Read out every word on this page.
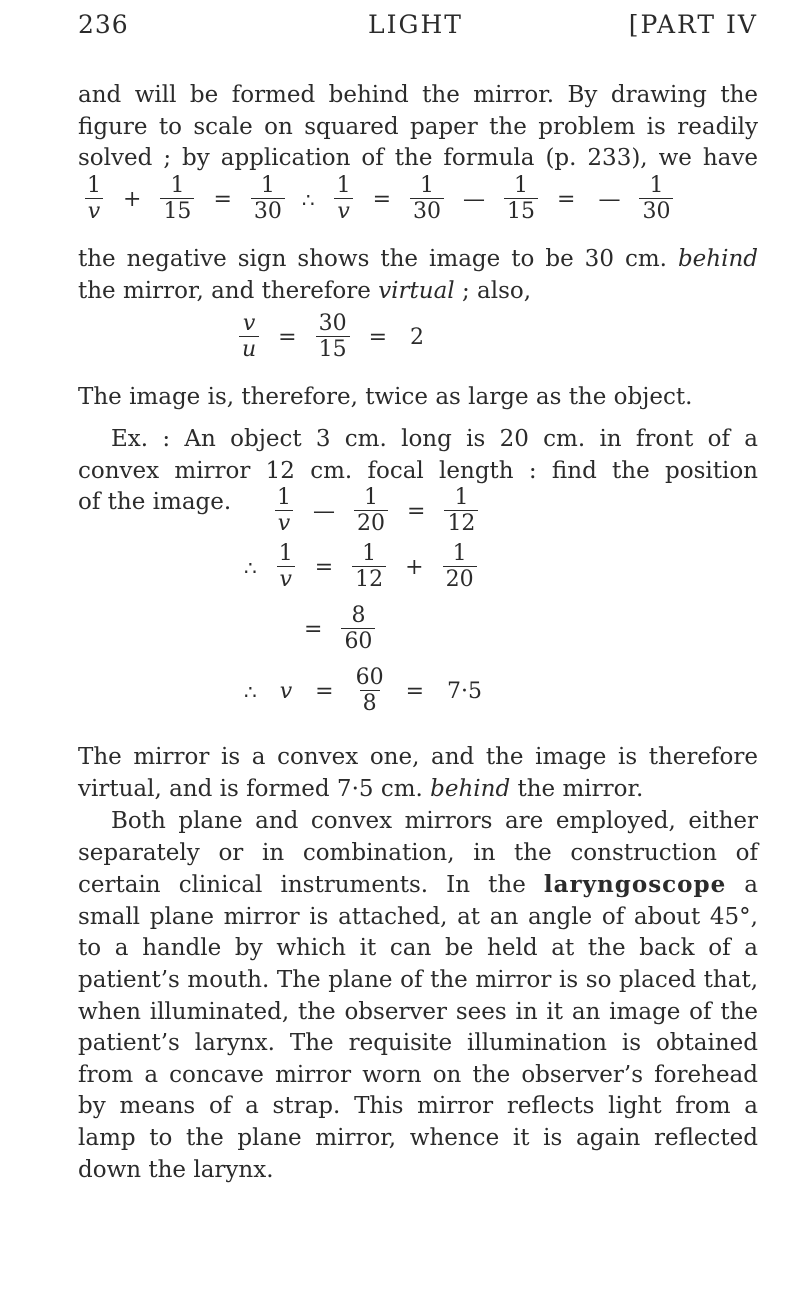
236	LIGHT	[PART IV

and will be formed behind the mirror. By drawing the
figure to scale on squared paper the problem is readily
solved ; by application of the formula (p. 233), we have

$\frac{1}{v} + \frac{1}{15} = \frac{1}{30}$ ∴ $\frac{1}{v} = \frac{1}{30}$ — $\frac{1}{15}$ = — $\frac{1}{30}$

the negative sign shows the image to be 30 cm. behind
the mirror, and therefore virtual ; also,

$\frac{v}{u} = \frac{30}{15} = 2$

The image is, therefore, twice as large as the object.

Ex. : An object 3 cm. long is 20 cm. in front of a
convex mirror 12 cm. focal length : find the position
of the image.	$\frac{1}{v}$ — $\frac{1}{20} = \frac{1}{12}$
∴ $\frac{1}{v} = \frac{1}{12} + \frac{1}{20}$
= $\frac{8}{60}$
∴ $v = \frac{60}{8} = 7\cdot 5$

The mirror is a convex one, and the image is therefore
virtual, and is formed 7·5 cm. behind the mirror.

Both plane and convex mirrors are employed, either separately or in combination, in the construction of certain clinical instruments. In the laryngoscope a small plane mirror is attached, at an angle of about 45°, to a handle by which it can be held at the back of a patient’s mouth. The plane of the mirror is so placed that, when illuminated, the observer sees in it an image of the patient’s larynx. The requisite illumination is obtained from a concave mirror worn on the observer’s forehead by means of a strap. This mirror reflects light from a lamp to the plane mirror, whence it is again reflected down the larynx.
